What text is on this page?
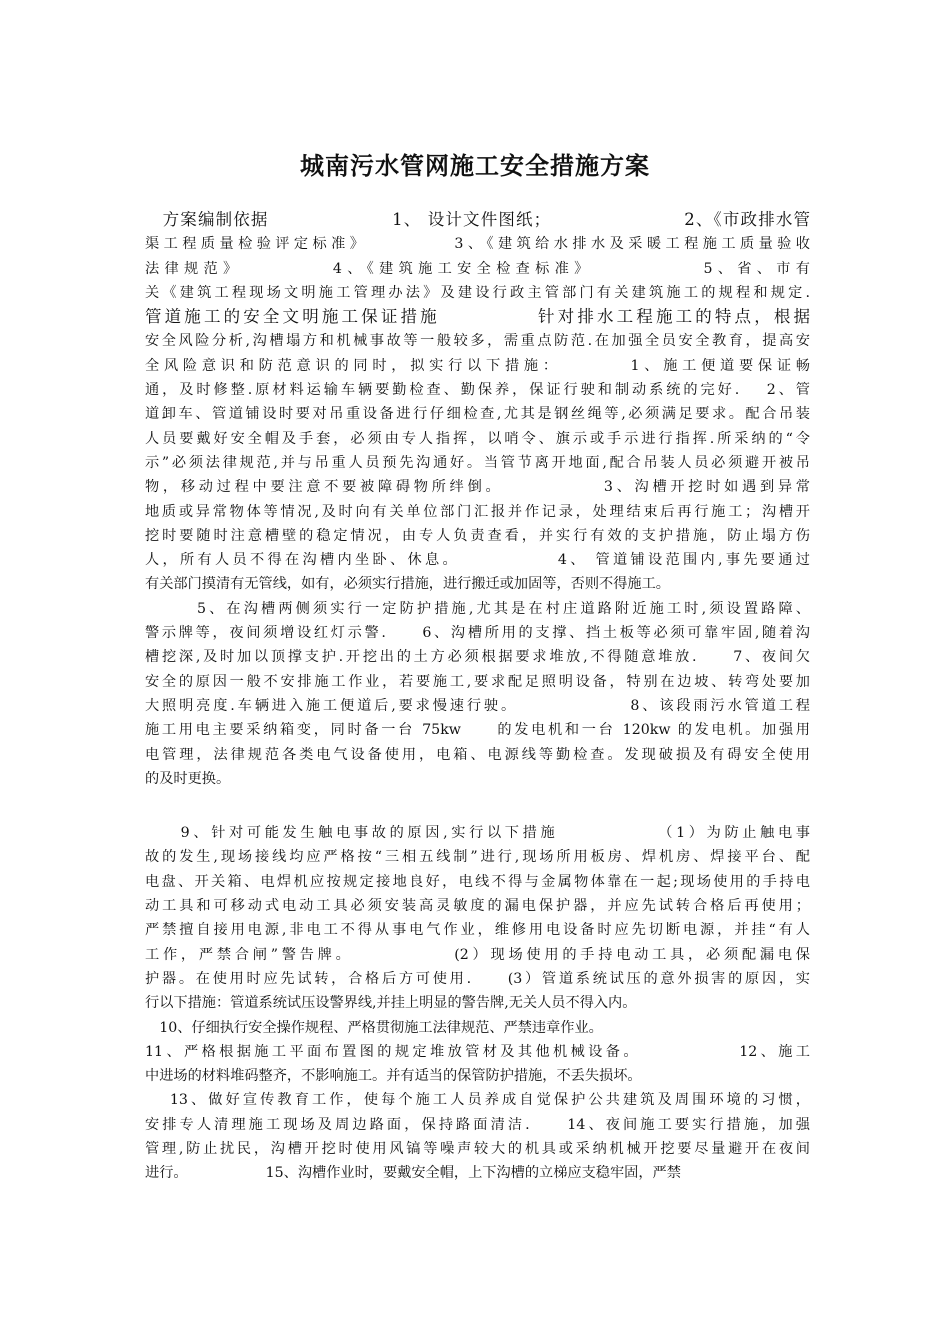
城南污水管网施工安全措施方案
　方案编制依据　　　　　　　1、 设计文件图纸；　　　　　　　　2、《市政排水管
渠工程质量检验评定标准》　　　　　3、《建筑给水排水及采暖工程施工质量验收
法律规范》　　　　　4、《建筑施工安全检查标准》　　　　　　5、省、市有
关《建筑工程现场文明施工管理办法》及建设行政主管部门有关建筑施工的规程和规定.
管道施工的安全文明施工保证措施　　　　　针对排水工程施工的特点，根据
安全风险分析,沟槽塌方和机械事故等一般较多，需重点防范.在加强全员安全教育，提高安
全风险意识和防范意识的同时，拟实行以下措施：　　　　1、施工便道要保证畅
通，及时修整.原材料运输车辆要勤检查、勤保养，保证行驶和制动系统的完好.　 2、管
道卸车、管道铺设时要对吊重设备进行仔细检查,尤其是钢丝绳等,必须满足要求。配合吊装
人员要戴好安全帽及手套，必须由专人指挥，以哨令、旗示或手示进行指挥.所采纳的“令
示”必须法律规范,并与吊重人员预先沟通好。当管节离开地面,配合吊装人员必须避开被吊
物，移动过程中要注意不要被障碍物所绊倒。　　　　　　3、沟槽开挖时如遇到异常
地质或异常物体等情况,及时向有关单位部门汇报并作记录，处理结束后再行施工；沟槽开
挖时要随时注意槽壁的稳定情况，由专人负责查看，并实行有效的支护措施，防止塌方伤
人，所有人员不得在沟槽内坐卧、休息。　　　　　　4、 管道铺设范围内,事先要通过
有关部门摸清有无管线，如有，必须实行措施，进行搬迁或加固等，否则不得施工。
　　　5、在沟槽两侧须实行一定防护措施,尤其是在村庄道路附近施工时,须设置路障、
警示牌等，夜间须增设红灯示警.　　6、沟槽所用的支撑、挡土板等必须可靠牢固,随着沟
槽挖深,及时加以顶撑支护.开挖出的土方必须根据要求堆放,不得随意堆放.　　7、夜间欠
安全的原因一般不安排施工作业，若要施工,要求配足照明设备，特别在边坡、转弯处要加
大照明亮度.车辆进入施工便道后,要求慢速行驶。　　　　　　　8、该段雨污水管道工程
施工用电主要采纳箱变，同时备一台 75kw　　的发电机和一台 120kw 的发电机。加强用
电管理，法律规范各类电气设备使用，电箱、电源线等勤检查。发现破损及有碍安全使用
的及时更换。
　　9、针对可能发生触电事故的原因,实行以下措施　　　　　　（1）为防止触电事
故的发生,现场接线均应严格按“三相五线制”进行,现场所用板房、焊机房、焊接平台、配
电盘、开关箱、电焊机应按规定接地良好，电线不得与金属物体靠在一起;现场使用的手持电
动工具和可移动式电动工具必须安装高灵敏度的漏电保护器，并应先试转合格后再使用；
严禁擅自接用电源,非电工不得从事电气作业，维修用电设备时应先切断电源，并挂“有人
工作，严禁合闸”警告牌。　　　　　　(2）现场使用的手持电动工具，必须配漏电保
护器。在使用时应先试转，合格后方可使用.　　(3）管道系统试压的意外损害的原因，实
行以下措施：管道系统试压设警界线,并挂上明显的警告牌,无关人员不得入内。
　10、仔细执行安全操作规程、严格贯彻施工法律规范、严禁违章作业。
11、严格根据施工平面布置图的规定堆放管材及其他机械设备。　　　　　　12、施工
中进场的材料堆码整齐，不影响施工。并有适当的保管防护措施，不丢失损坏。
　 13、做好宣传教育工作，使每个施工人员养成自觉保护公共建筑及周围环境的习惯，
安排专人清理施工现场及周边路面，保持路面清洁.　　14、夜间施工要实行措施，加强
管理,防止扰民，沟槽开挖时使用风镐等噪声较大的机具或采纳机械开挖要尽量避开在夜间
进行。　　　　　　15、沟槽作业时，要戴安全帽，上下沟槽的立梯应支稳牢固，严禁
